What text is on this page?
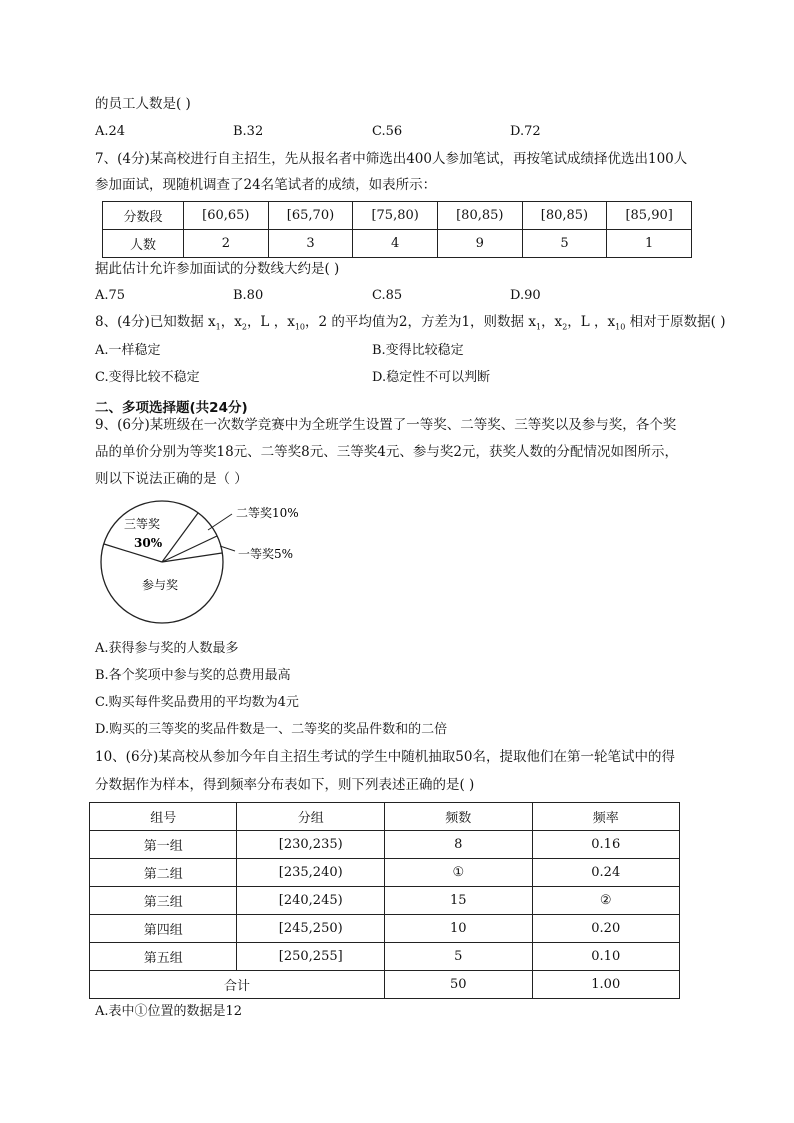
的员工人数是( )
A.24	B.32	C.56	D.72
7、(4分)某高校进行自主招生，先从报名者中筛选出400人参加笔试，再按笔试成绩择优选出100人
参加面试，现随机调查了24名笔试者的成绩，如表所示：
分数段	[60,65)	[65,70)	[75,80)	[80,85)	[80,85)	[85,90]
人数	2	3	4	9	5	1
据此估计允许参加面试的分数线大约是( )
A.75	B.80	C.85	D.90
8、(4分)已知数据 $x_1$，$x_2$，L ，$x_{10}$，2 的平均值为2，方差为1，则数据 $x_1$，$x_2$，L ，$x_{10}$ 相对于原数据( )
A.一样稳定	B.变得比较稳定
C.变得比较不稳定	D.稳定性不可以判断
二、多项选择题(共24分)
9、(6分)某班级在一次数学竞赛中为全班学生设置了一等奖、二等奖、三等奖以及参与奖，各个奖
品的单价分别为等奖18元、二等奖8元、三等奖4元、参与奖2元，获奖人数的分配情况如图所示，
则以下说法正确的是（ ）
三等奖
30%
二等奖10%
一等奖5%
参与奖
A.获得参与奖的人数最多
B.各个奖项中参与奖的总费用最高
C.购买每件奖品费用的平均数为4元
D.购买的三等奖的奖品件数是一、二等奖的奖品件数和的二倍
10、(6分)某高校从参加今年自主招生考试的学生中随机抽取50名，提取他们在第一轮笔试中的得
分数据作为样本，得到频率分布表如下，则下列表述正确的是( )
组号	分组	频数	频率
第一组	[230,235)	8	0.16
第二组	[235,240)	①	0.24
第三组	[240,245)	15	②
第四组	[245,250)	10	0.20
第五组	[250,255]	5	0.10
合计		50	1.00
A.表中①位置的数据是12
